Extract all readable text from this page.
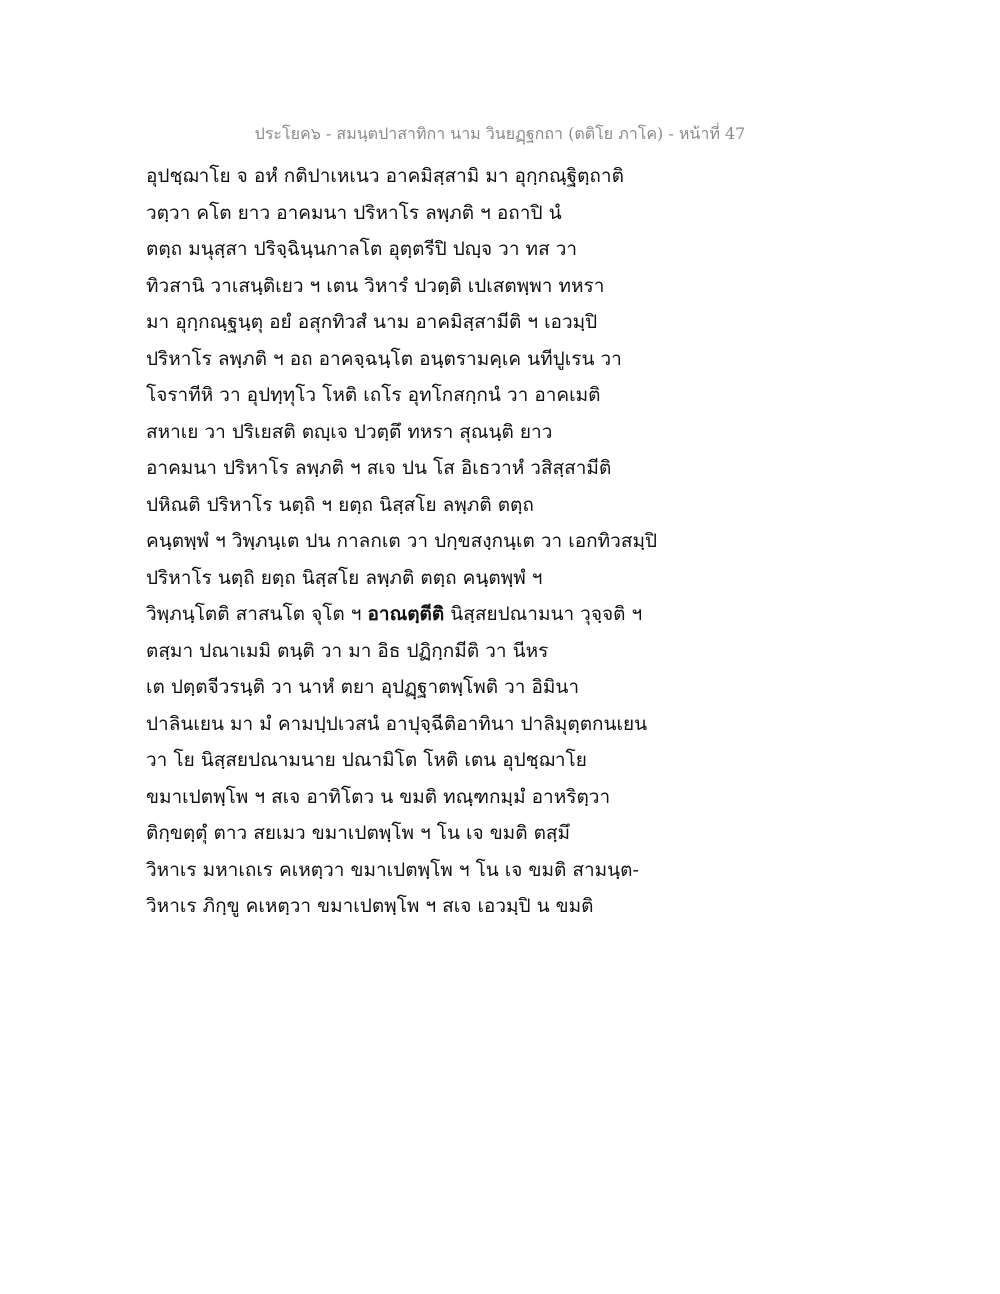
ประโยค๖ - สมนฺตปาสาทิกา นาม วินยฏฺฐกถา (ตติโย ภาโค) - หน้าที่ 47
อุปชฺฌาโย จ อหํ กติปาเหเนว อาคมิสฺสามิ มา อุกฺกณฺฐิตฺถาติ
วตฺวา คโต ยาว อาคมนา ปริหาโร ลพฺภติ ฯ อถาปิ นํ
ตตฺถ มนุสฺสา ปริจฺฉินฺนกาลโต อุตฺตรีปิ ปญฺจ วา ทส วา
ทิวสานิ วาเสนฺติเยว ฯ เตน วิหารํ ปวตฺติ เปเสตพฺพา ทหรา
มา อุกฺกณฺฐนฺตุ อยํ อสุกทิวสํ นาม อาคมิสฺสามีติ ฯ เอวมฺปิ
ปริหาโร ลพฺภติ ฯ อถ อาคจฺฉนฺโต อนฺตรามคฺเค นทีปูเรน วา
โจราทีหิ วา อุปทฺทุโว โหติ เถโร อุทโกสกฺกนํ วา อาคเมติ
สหาเย วา ปริเยสติ ตญฺเจ ปวตฺตึ ทหรา สุณนฺติ ยาว
อาคมนา ปริหาโร ลพฺภติ ฯ สเจ ปน โส อิเธวาหํ วสิสฺสามีติ
ปหิณติ ปริหาโร นตฺถิ ฯ ยตฺถ นิสฺสโย ลพฺภติ ตตฺถ
คนฺตพฺพํ ฯ วิพฺภนฺเต ปน กาลกเต วา ปกฺขสงฺกนฺเต วา เอกทิวสมฺปิ
ปริหาโร นตฺถิ ยตฺถ นิสฺสโย ลพฺภติ ตตฺถ คนฺตพฺพํ ฯ
วิพฺภนฺโตติ สาสนโต จุโต ฯ อาณตฺตีติ นิสฺสยปณามนา วุจฺจติ ฯ
ตสฺมา ปณาเมมิ ตนฺติ วา มา อิธ ปฏิกฺกมีติ วา นีหร
เต ปตฺตจีวรนฺติ วา นาหํ ตยา อุปฏฺฐาตพฺโพติ วา อิมินา
ปาลินเยน มา มํ คามปฺปเวสนํ อาปุจฺฉีติอาทินา ปาลิมุตฺตกนเยน
วา โย นิสฺสยปณามนาย ปณามิโต โหติ เตน อุปชฺฌาโย
ขมาเปตพฺโพ ฯ สเจ อาทิโตว น ขมติ ทณฺฑกมฺมํ อาหริตฺวา
ติกฺขตฺตุํ ตาว สยเมว ขมาเปตพฺโพ ฯ โน เจ ขมติ ตสฺมึ
วิหาเร มหาเถเร คเหตฺวา ขมาเปตพฺโพ ฯ โน เจ ขมติ สามนฺต-
วิหาเร ภิกฺขู คเหตฺวา ขมาเปตพฺโพ ฯ สเจ เอวมฺปิ น ขมติ
